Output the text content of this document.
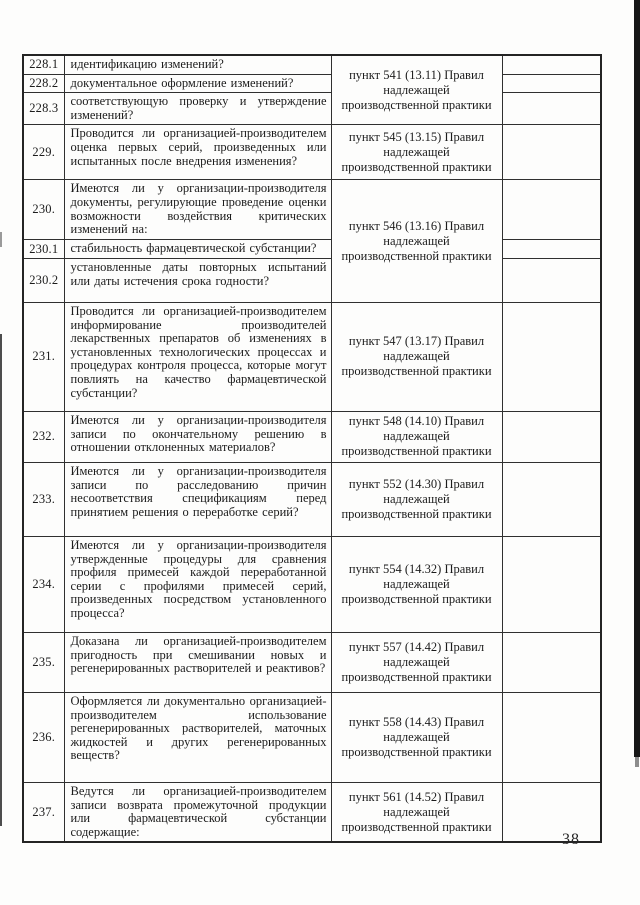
228.1	идентификацию изменений?	пункт 541 (13.11) Правил
надлежащей
производственной практики	

228.2	документальное оформление изменений?		
228.3	соответствующую проверку и утверждение изменений?		
229.	Проводится ли организацией-производителем оценка первых серий, произведенных или испытанных после внедрения изменения?	пункт 545 (13.15) Правил
надлежащей
производственной практики	

230.	Имеются ли у организации-производителя документы, регулирующие проведение оценки возможности воздействия критических изменений на:	пункт 546 (13.16) Правил
надлежащей
производственной практики	

230.1	стабильность фармацевтической субстанции?		
230.2	установленные даты повторных испытаний или даты истечения срока годности?		
231.	Проводится ли организацией-производителем информирование производителей лекарственных препаратов об изменениях в установленных технологических процессах и процедурах контроля процесса, которые могут повлиять на качество фармацевтической субстанции?	
пункт 547 (13.17) Правил
надлежащей
производственной практики

232.	Имеются ли у организации-производителя записи по окончательному решению в отношении отклоненных материалов?	пункт 548 (14.10) Правил
надлежащей
производственной практики	

233.	Имеются ли у организации-производителя записи по расследованию причин несоответствия спецификациям перед принятием решения о переработке серий?	пункт 552 (14.30) Правил
надлежащей
производственной практики	

234.	Имеются ли у организации-производителя утвержденные процедуры для сравнения профиля примесей каждой переработанной серии с профилями примесей серий, произведенных посредством установленного процесса?	пункт 554 (14.32) Правил
надлежащей
производственной практики	

235.	Доказана ли организацией-производителем пригодность при смешивании новых и регенерированных растворителей и реактивов?	пункт 557 (14.42) Правил
надлежащей
производственной практики	

236.	Оформляется ли документально организацией-производителем использование регенерированных растворителей, маточных жидкостей и других регенерированных веществ?	пункт 558 (14.43) Правил
надлежащей
производственной практики	

237.	Ведутся ли организацией-производителем записи возврата промежуточной продукции или фармацевтической субстанции содержащие:	пункт 561 (14.52) Правил
надлежащей
производственной практики	

38
